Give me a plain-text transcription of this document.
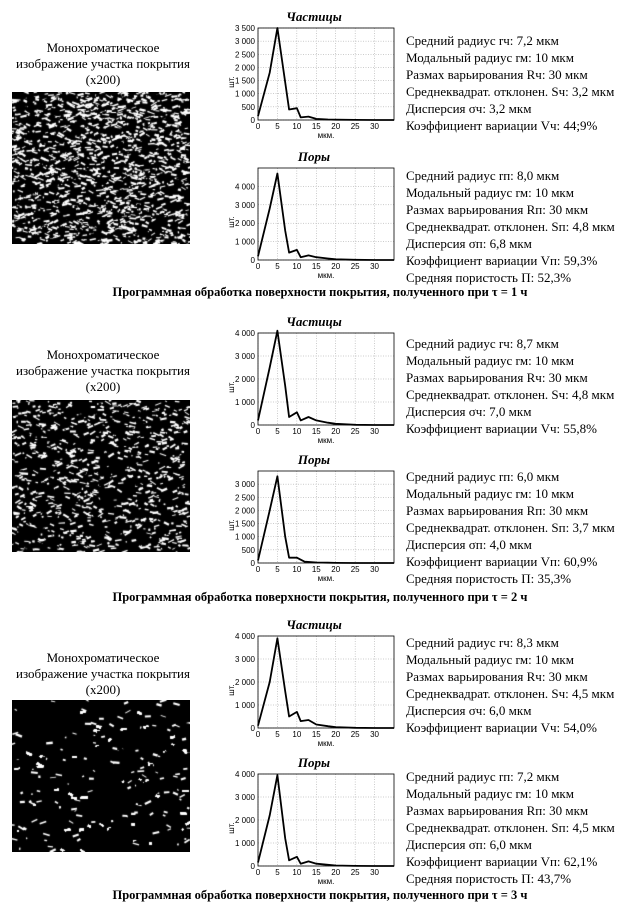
Монохроматическое
изображение участка покрытия
(x200)
Частицы
0 5 10 15 20 25 30
0
500
1 000
1 500
2 000
2 500
3 000
3 500
мкм.
шт.
Средний радиус rч: 7,2 мкм
Модальный радиус rм: 10 мкм
Размах варьирования Rч: 30 мкм
Среднеквадрат. отклонен. Sч: 3,2 мкм
Дисперсия σч: 3,2 мкм
Коэффициент вариации Vч: 44;9%
Поры
0 5 10 15 20 25 30
0
1 000
2 000
3 000
4 000
мкм.
шт.
Средний радиус rп: 8,0 мкм
Модальный радиус rм: 10 мкм
Размах варьирования Rп: 30 мкм
Среднеквадрат. отклонен. Sп: 4,8 мкм
Дисперсия σп: 6,8 мкм
Коэффициент вариации Vп: 59,3%
Средняя пористость П: 52,3%
Программная обработка поверхности покрытия, полученного при τ = 1 ч
Монохроматическое
изображение участка покрытия
(x200)
Частицы
0 5 10 15 20 25 30
0
1 000
2 000
3 000
4 000
мкм.
шт.
Средний радиус rч: 8,7 мкм
Модальный радиус rм: 10 мкм
Размах варьирования Rч: 30 мкм
Среднеквадрат. отклонен. Sч: 4,8 мкм
Дисперсия σч: 7,0 мкм
Коэффициент вариации Vч: 55,8%
Поры
0 5 10 15 20 25 30
0
500
1 000
1 500
2 000
2 500
3 000
мкм.
шт.
Средний радиус rп: 6,0 мкм
Модальный радиус rм: 10 мкм
Размах варьирования Rп: 30 мкм
Среднеквадрат. отклонен. Sп: 3,7 мкм
Дисперсия σп: 4,0 мкм
Коэффициент вариации Vп: 60,9%
Средняя пористость П: 35,3%
Программная обработка поверхности покрытия, полученного при τ = 2 ч
Монохроматическое
изображение участка покрытия
(x200)
Частицы
0 5 10 15 20 25 30
0
1 000
2 000
3 000
4 000
мкм.
шт.
Средний радиус rч: 8,3 мкм
Модальный радиус rм: 10 мкм
Размах варьирования Rч: 30 мкм
Среднеквадрат. отклонен. Sч: 4,5 мкм
Дисперсия σч: 6,0 мкм
Коэффициент вариации Vч: 54,0%
Поры
0 5 10 15 20 25 30
0
1 000
2 000
3 000
4 000
мкм.
шт.
Средний радиус rп: 7,2 мкм
Модальный радиус rм: 10 мкм
Размах варьирования Rп: 30 мкм
Среднеквадрат. отклонен. Sп: 4,5 мкм
Дисперсия σп: 6,0 мкм
Коэффициент вариации Vп: 62,1%
Средняя пористость П: 43,7%
Программная обработка поверхности покрытия, полученного при τ = 3 ч
